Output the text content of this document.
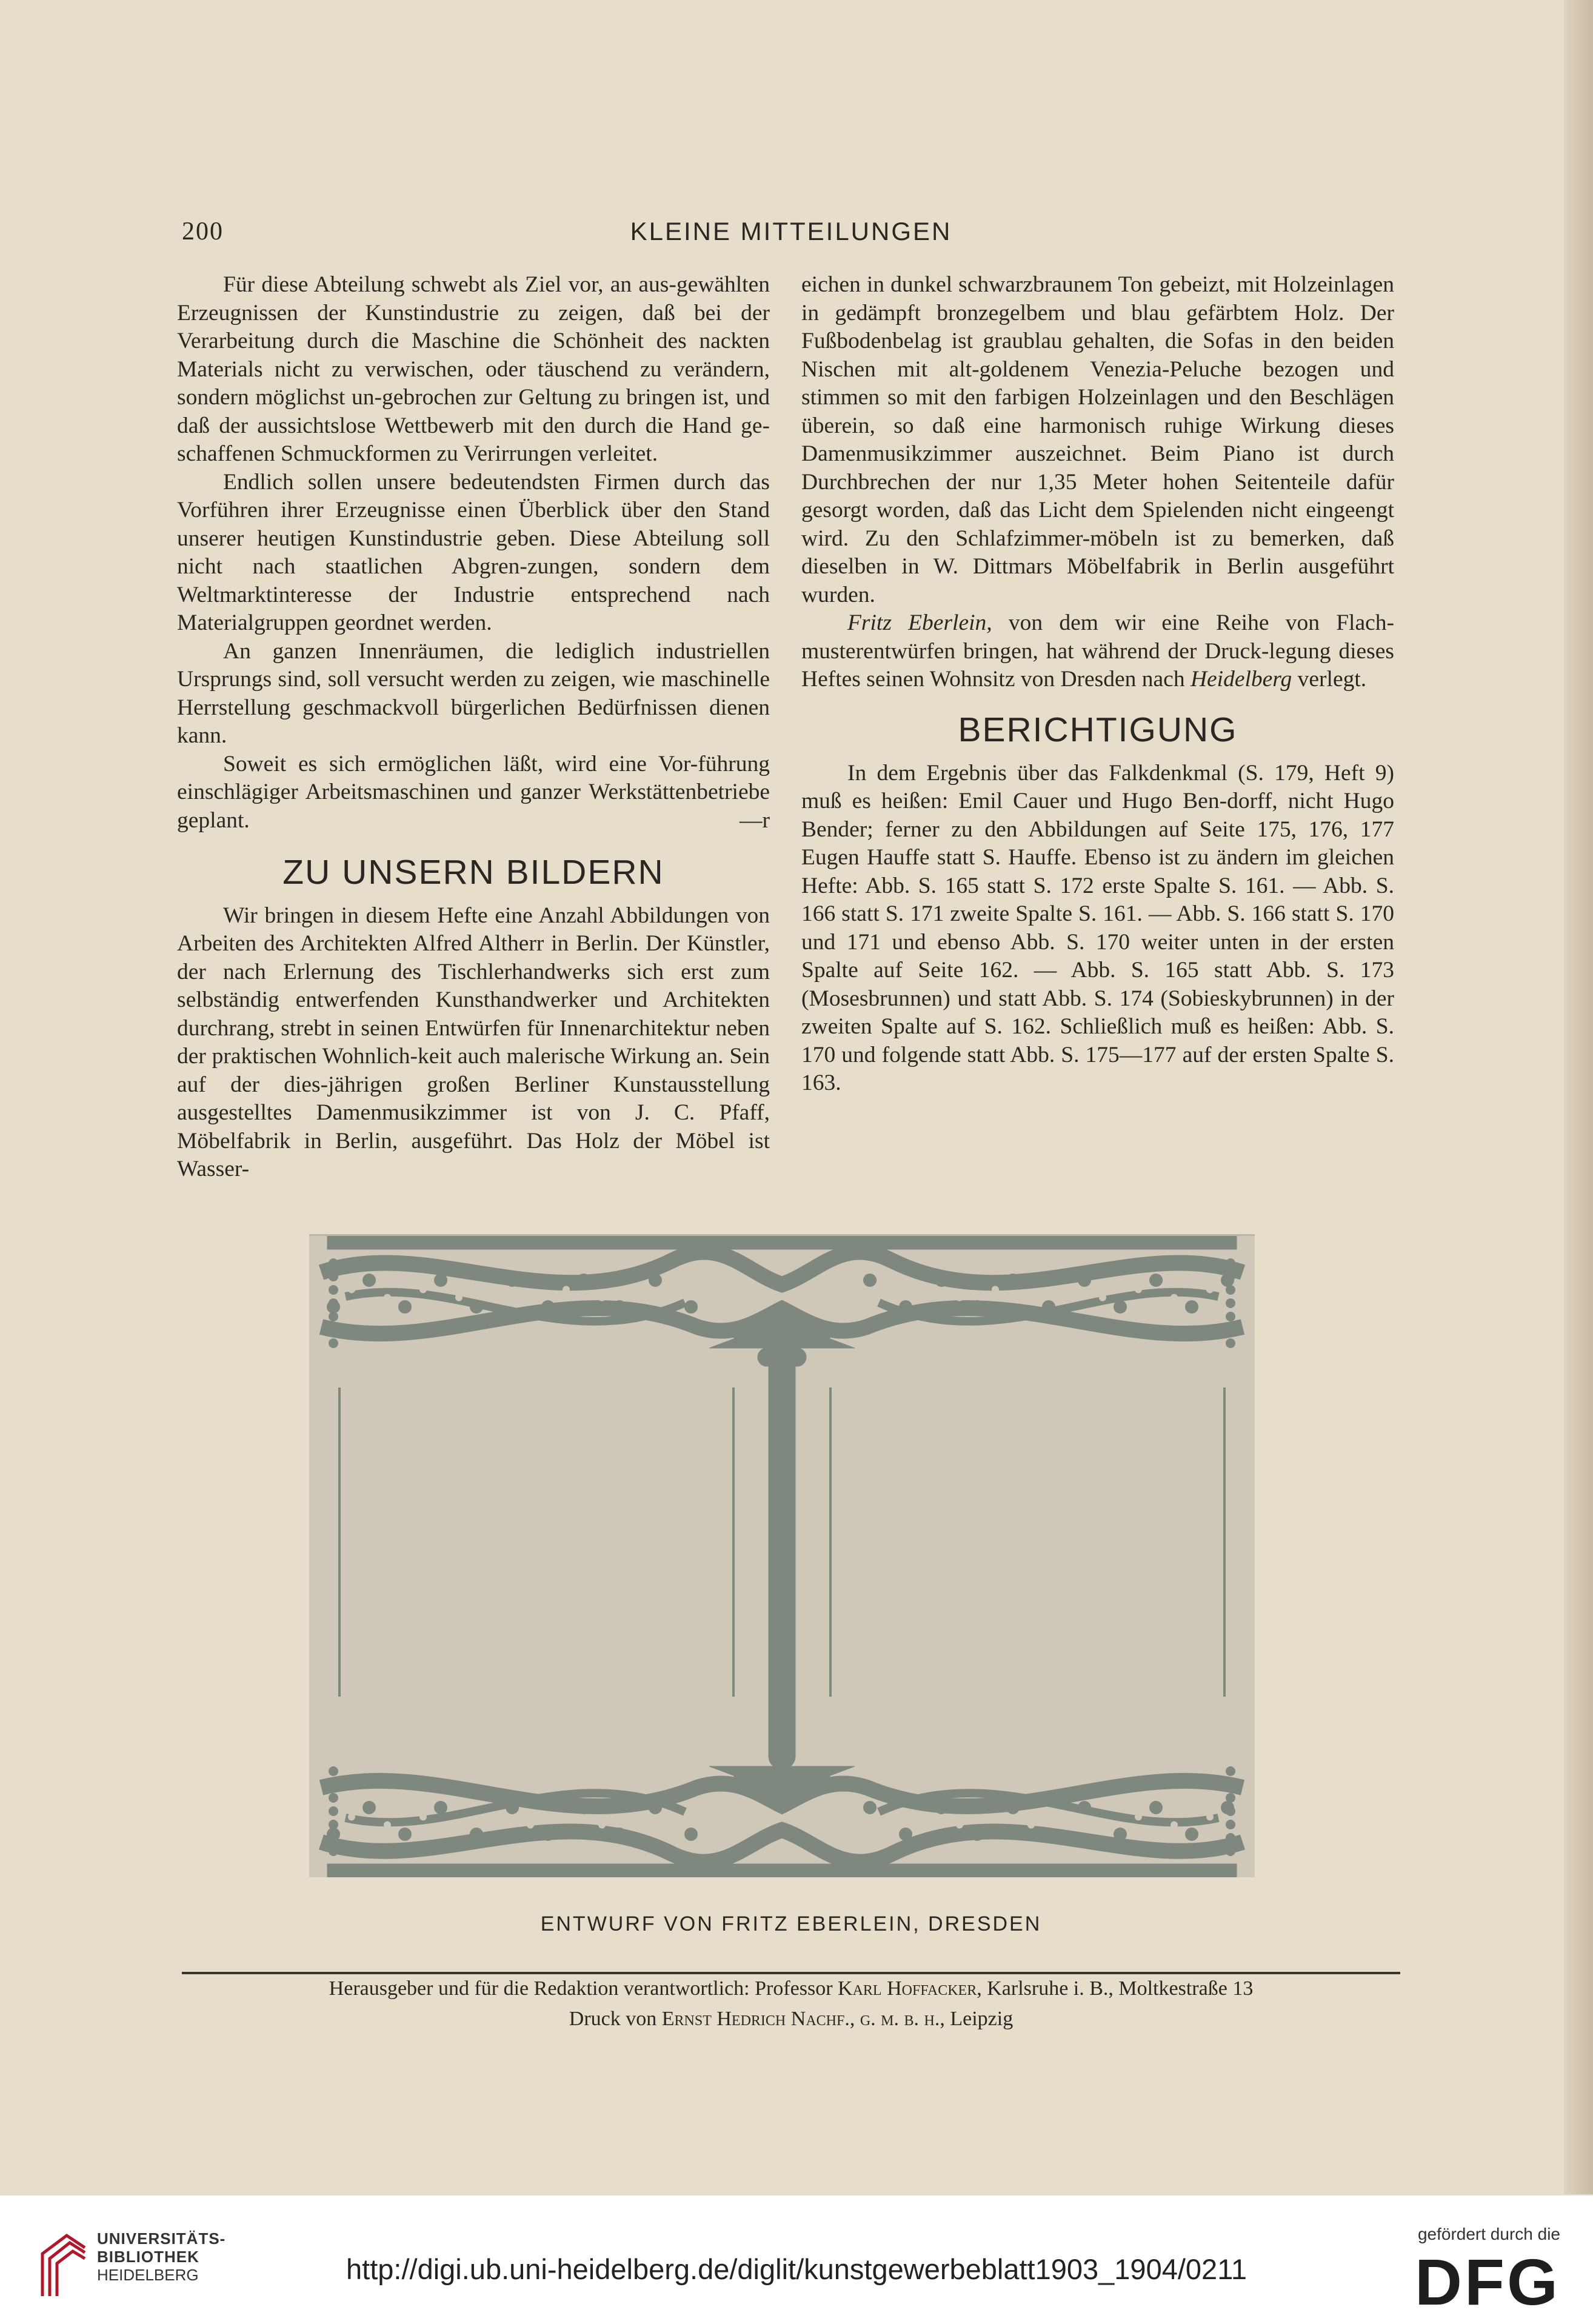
200	KLEINE MITTEILUNGEN

Für diese Abteilung schwebt als Ziel vor, an aus-gewählten Erzeugnissen der Kunstindustrie zu zeigen, daß bei der Verarbeitung durch die Maschine die Schönheit des nackten Materials nicht zu verwischen, oder täuschend zu verändern, sondern möglichst un-gebrochen zur Geltung zu bringen ist, und daß der aussichtslose Wettbewerb mit den durch die Hand ge-schaffenen Schmuckformen zu Verirrungen verleitet.

Endlich sollen unsere bedeutendsten Firmen durch das Vorführen ihrer Erzeugnisse einen Überblick über den Stand unserer heutigen Kunstindustrie geben. Diese Abteilung soll nicht nach staatlichen Abgren-zungen, sondern dem Weltmarktinteresse der Industrie entsprechend nach Materialgruppen geordnet werden.

An ganzen Innenräumen, die lediglich industriellen Ursprungs sind, soll versucht werden zu zeigen, wie maschinelle Herrstellung geschmackvoll bürgerlichen Bedürfnissen dienen kann.

Soweit es sich ermöglichen läßt, wird eine Vor-führung einschlägiger Arbeitsmaschinen und ganzer Werkstättenbetriebe geplant.	—r

ZU UNSERN BILDERN

Wir bringen in diesem Hefte eine Anzahl Abbildungen von Arbeiten des Architekten Alfred Altherr in Berlin. Der Künstler, der nach Erlernung des Tischlerhandwerks sich erst zum selbständig entwerfenden Kunsthandwerker und Architekten durchrang, strebt in seinen Entwürfen für Innenarchitektur neben der praktischen Wohnlich-keit auch malerische Wirkung an. Sein auf der dies-jährigen großen Berliner Kunstausstellung ausgestelltes Damenmusikzimmer ist von J. C. Pfaff, Möbelfabrik in Berlin, ausgeführt. Das Holz der Möbel ist Wasser-

eichen in dunkel schwarzbraunem Ton gebeizt, mit Holzeinlagen in gedämpft bronzegelbem und blau gefärbtem Holz. Der Fußbodenbelag ist graublau gehalten, die Sofas in den beiden Nischen mit alt-goldenem Venezia-Peluche bezogen und stimmen so mit den farbigen Holzeinlagen und den Beschlägen überein, so daß eine harmonisch ruhige Wirkung dieses Damenmusikzimmer auszeichnet. Beim Piano ist durch Durchbrechen der nur 1,35 Meter hohen Seitenteile dafür gesorgt worden, daß das Licht dem Spielenden nicht eingeengt wird. Zu den Schlafzimmer-möbeln ist zu bemerken, daß dieselben in W. Dittmars Möbelfabrik in Berlin ausgeführt wurden.

Fritz Eberlein, von dem wir eine Reihe von Flach-musterentwürfen bringen, hat während der Druck-legung dieses Heftes seinen Wohnsitz von Dresden nach Heidelberg verlegt.

BERICHTIGUNG

In dem Ergebnis über das Falkdenkmal (S. 179, Heft 9) muß es heißen: Emil Cauer und Hugo Ben-dorff, nicht Hugo Bender; ferner zu den Abbildungen auf Seite 175, 176, 177 Eugen Hauffe statt S. Hauffe. Ebenso ist zu ändern im gleichen Hefte: Abb. S. 165 statt S. 172 erste Spalte S. 161. — Abb. S. 166 statt S. 171 zweite Spalte S. 161. — Abb. S. 166 statt S. 170 und 171 und ebenso Abb. S. 170 weiter unten in der ersten Spalte auf Seite 162. — Abb. S. 165 statt Abb. S. 173 (Mosesbrunnen) und statt Abb. S. 174 (Sobieskybrunnen) in der zweiten Spalte auf S. 162. Schließlich muß es heißen: Abb. S. 170 und folgende statt Abb. S. 175—177 auf der ersten Spalte S. 163.

ENTWURF VON FRITZ EBERLEIN, DRESDEN
Herausgeber und für die Redaktion verantwortlich: Professor Karl Hoffacker, Karlsruhe i. B., Moltkestraße 13
Druck von Ernst Hedrich Nachf., g. m. b. h., Leipzig
UNIVERSITÄTS-
BIBLIOTHEK
HEIDELBERG	http://digi.ub.uni-heidelberg.de/diglit/kunstgewerbeblatt1903_1904/0211
gefördert durch die
DFG
